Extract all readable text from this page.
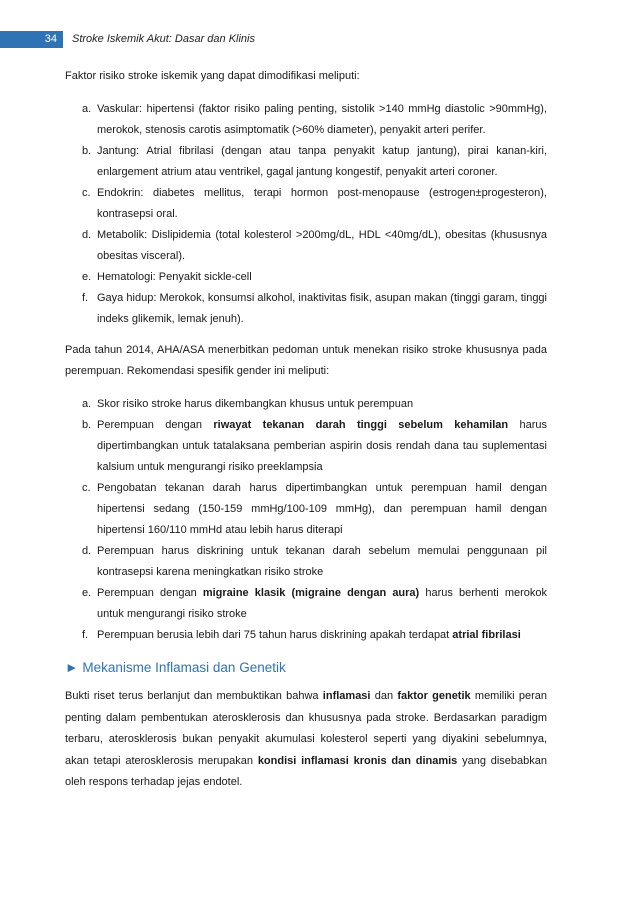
34	Stroke Iskemik Akut: Dasar dan Klinis

Faktor risiko stroke iskemik yang dapat dimodifikasi meliputi:

a. Vaskular: hipertensi (faktor risiko paling penting, sistolik >140 mmHg diastolic >90mmHg), merokok, stenosis carotis asimptomatik (>60% diameter), penyakit arteri perifer.
b. Jantung: Atrial fibrilasi (dengan atau tanpa penyakit katup jantung), pirai kanan-kiri, enlargement atrium atau ventrikel, gagal jantung kongestif, penyakit arteri coroner.
c. Endokrin: diabetes mellitus, terapi hormon post-menopause (estrogen±progesteron), kontrasepsi oral.
d. Metabolik: Dislipidemia (total kolesterol >200mg/dL, HDL <40mg/dL), obesitas (khususnya obesitas visceral).
e. Hematologi: Penyakit sickle-cell
f. Gaya hidup: Merokok, konsumsi alkohol, inaktivitas fisik, asupan makan (tinggi garam, tinggi indeks glikemik, lemak jenuh).

Pada tahun 2014, AHA/ASA menerbitkan pedoman untuk menekan risiko stroke khususnya pada perempuan. Rekomendasi spesifik gender ini meliputi:

a. Skor risiko stroke harus dikembangkan khusus untuk perempuan
b. Perempuan dengan riwayat tekanan darah tinggi sebelum kehamilan harus dipertimbangkan untuk tatalaksana pemberian aspirin dosis rendah dana tau suplementasi kalsium untuk mengurangi risiko preeklampsia
c. Pengobatan tekanan darah harus dipertimbangkan untuk perempuan hamil dengan hipertensi sedang (150-159 mmHg/100-109 mmHg), dan perempuan hamil dengan hipertensi 160/110 mmHd atau lebih harus diterapi
d. Perempuan harus diskrining untuk tekanan darah sebelum memulai penggunaan pil kontrasepsi karena meningkatkan risiko stroke
e. Perempuan dengan migraine klasik (migraine dengan aura) harus berhenti merokok untuk mengurangi risiko stroke
f. Perempuan berusia lebih dari 75 tahun harus diskrining apakah terdapat atrial fibrilasi
► Mekanisme Inflamasi dan Genetik

Bukti riset terus berlanjut dan membuktikan bahwa inflamasi dan faktor genetik memiliki peran penting dalam pembentukan aterosklerosis dan khususnya pada stroke. Berdasarkan paradigm terbaru, aterosklerosis bukan penyakit akumulasi kolesterol seperti yang diyakini sebelumnya, akan tetapi aterosklerosis merupakan kondisi inflamasi kronis dan dinamis yang disebabkan oleh respons terhadap jejas endotel.
